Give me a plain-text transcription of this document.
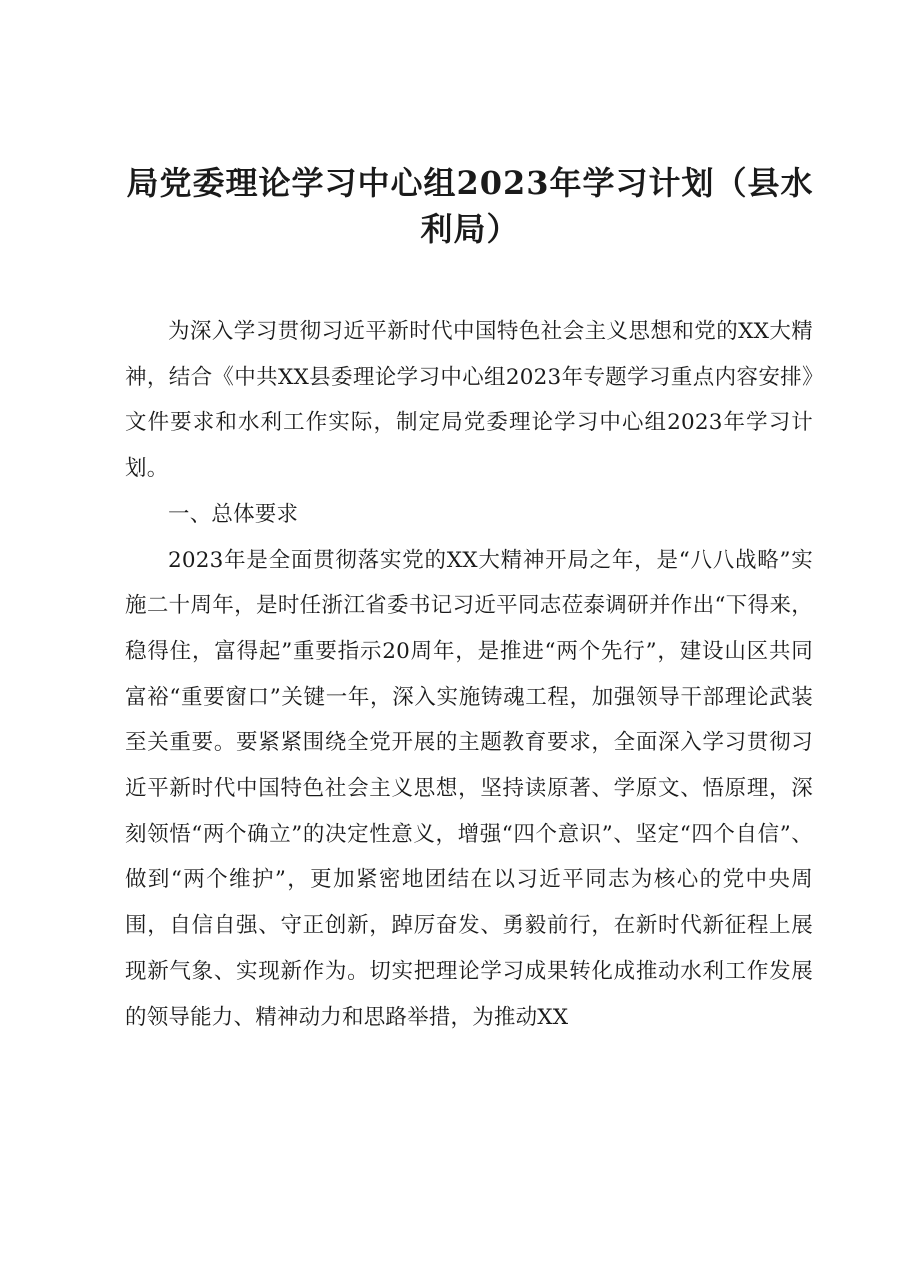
局党委理论学习中心组2023年学习计划（县水利局）

为深入学习贯彻习近平新时代中国特色社会主义思想和党的XX大精神，结合《中共XX县委理论学习中心组2023年专题学习重点内容安排》文件要求和水利工作实际，制定局党委理论学习中心组2023年学习计划。

一、总体要求

2023年是全面贯彻落实党的XX大精神开局之年，是“八八战略”实施二十周年，是时任浙江省委书记习近平同志莅泰调研并作出“下得来，稳得住，富得起”重要指示20周年，是推进“两个先行”，建设山区共同富裕“重要窗口”关键一年，深入实施铸魂工程，加强领导干部理论武装至关重要。要紧紧围绕全党开展的主题教育要求，全面深入学习贯彻习近平新时代中国特色社会主义思想，坚持读原著、学原文、悟原理，深刻领悟“两个确立”的决定性意义，增强“四个意识”、坚定“四个自信”、做到“两个维护”，更加紧密地团结在以习近平同志为核心的党中央周围，自信自强、守正创新，踔厉奋发、勇毅前行，在新时代新征程上展现新气象、实现新作为。切实把理论学习成果转化成推动水利工作发展的领导能力、精神动力和思路举措，为推动XX
